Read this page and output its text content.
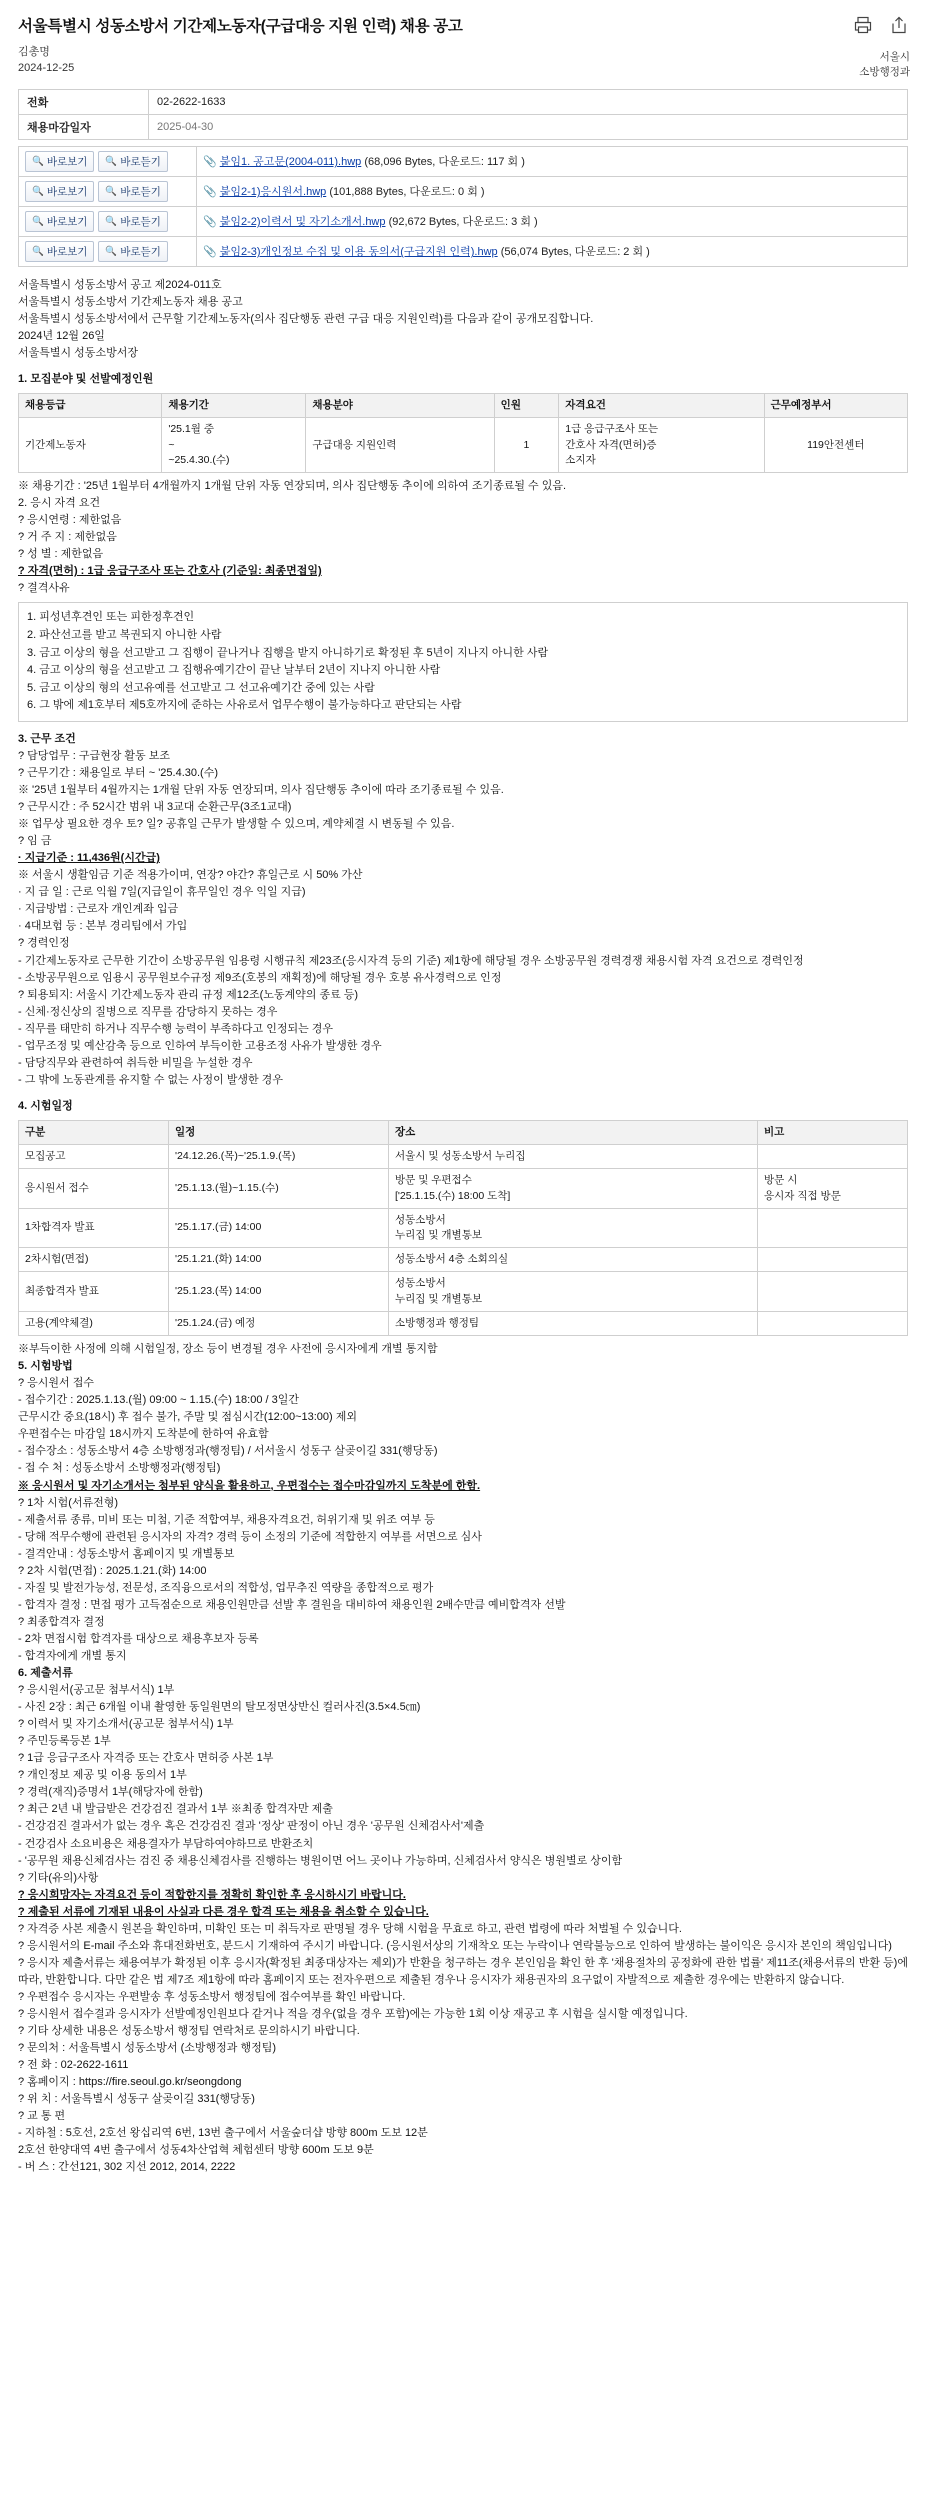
서울특별시 성동소방서 기간제노동자(구급대응 지원 인력) 채용 공고
김총명
2024-12-25
서울시
소방행정과
전화	02-2622-1633
채용마감일자	2025-04-30
🔍 바로보기 🔍 바로듣기	📎 붙임1. 공고문(2004-011).hwp (68,096 Bytes, 다운로드: 117 회 )

🔍 바로보기 🔍 바로듣기	📎 붙임2-1)응시원서.hwp (101,888 Bytes, 다운로드: 0 회 )

🔍 바로보기 🔍 바로듣기	📎 붙임2-2)이력서 및 자기소개서.hwp (92,672 Bytes, 다운로드: 3 회 )

🔍 바로보기 🔍 바로듣기	📎 붙임2-3)개인정보 수집 및 이용 동의서(구급지원 인력).hwp (56,074 Bytes, 다운로드: 2 회 )

서울특별시 성동소방서 공고 제2024-011호

서울특별시 성동소방서 기간제노동자 채용 공고

서울특별시 성동소방서에서 근무할 기간제노동자(의사 집단행동 관련 구급 대응 지원인력)를 다음과 같이 공개모집합니다.

2024년 12월 26일

서울특별시 성동소방서장

1. 모집분야 및 선발예정인원

채용등급	채용기간	채용분야	인원	자격요건	근무예정부서
기간제노동자	'25.1월 중
~
~25.4.30.(수)	구급대응 지원인력	1	1급 응급구조사 또는
간호사 자격(면허)증
소지자	119안전센터

※ 채용기간 : '25년 1월부터 4개월까지 1개월 단위 자동 연장되며, 의사 집단행동 추이에 의하여 조기종료될 수 있음.

2. 응시 자격 요건

? 응시연령 : 제한없음

? 거 주 지 : 제한없음

? 성 별 : 제한없음

? 자격(면허) : 1급 응급구조사 또는 간호사 (기준일: 최종면접일)

? 결격사유

1. 피성년후견인 또는 피한정후견인

2. 파산선고를 받고 복권되지 아니한 사람

3. 금고 이상의 형을 선고받고 그 집행이 끝나거나 집행을 받지 아니하기로 확정된 후 5년이 지나지 아니한 사람

4. 금고 이상의 형을 선고받고 그 집행유예기간이 끝난 날부터 2년이 지나지 아니한 사람

5. 금고 이상의 형의 선고유예를 선고받고 그 선고유예기간 중에 있는 사람

6. 그 밖에 제1호부터 제5호까지에 준하는 사유로서 업무수행이 불가능하다고 판단되는 사람

3. 근무 조건

? 담당업무 : 구급현장 활동 보조

? 근무기간 : 채용일로 부터 ~ '25.4.30.(수)

※ '25년 1월부터 4월까지는 1개월 단위 자동 연장되며, 의사 집단행동 추이에 따라 조기종료될 수 있음.

? 근무시간 : 주 52시간 범위 내 3교대 순환근무(3조1교대)

※ 업무상 필요한 경우 토? 일? 공휴일 근무가 발생할 수 있으며, 계약체결 시 변동될 수 있음.

? 임 금

· 지급기준 : 11,436원(시간급)

※ 서울시 생활임금 기준 적용가이며, 연장? 야간? 휴일근로 시 50% 가산

· 지 급 일 : 근로 익월 7일(지급일이 휴무일인 경우 익일 지급)

· 지급방법 : 근로자 개인계좌 입금

· 4대보험 등 : 본부 경리팀에서 가입

? 경력인정

- 기간제노동자로 근무한 기간이 소방공무원 임용령 시행규칙 제23조(응시자격 등의 기준) 제1항에 해당될 경우 소방공무원 경력경쟁 채용시험 자격 요건으로 경력인정

- 소방공무원으로 임용시 공무원보수규정 제9조(호봉의 재획정)에 해당될 경우 호봉 유사경력으로 인정

? 퇴용퇴지: 서울시 기간제노동자 관리 규정 제12조(노동계약의 종료 등)

- 신체·정신상의 질병으로 직무를 감당하지 못하는 경우

- 직무를 태만히 하거나 직무수행 능력이 부족하다고 인정되는 경우

- 업무조정 및 예산감축 등으로 인하여 부득이한 고용조정 사유가 발생한 경우

- 담당직무와 관련하여 취득한 비밀을 누설한 경우

- 그 밖에 노동관계를 유지할 수 없는 사정이 발생한 경우

4. 시험일정

구분	일정	장소	비고
모집공고	'24.12.26.(목)~'25.1.9.(목)	서울시 및 성동소방서 누리집	
응시원서 접수	'25.1.13.(월)~1.15.(수)	방문 및 우편접수
['25.1.15.(수) 18:00 도착]	방문 시
응시자 직접 방문
1차합격자 발표	'25.1.17.(금) 14:00	성동소방서
누리집 및 개별통보	
2차시험(면접)	'25.1.21.(화) 14:00	성동소방서 4층 소회의실	
최종합격자 발표	'25.1.23.(목) 14:00	성동소방서
누리집 및 개별통보	
고용(계약체결)	'25.1.24.(금) 예정	소방행정과 행정팀	

※부득이한 사정에 의해 시험일정, 장소 등이 변경될 경우 사전에 응시자에게 개별 통지함

5. 시험방법

? 응시원서 접수

- 접수기간 : 2025.1.13.(월) 09:00 ~ 1.15.(수) 18:00 / 3일간

근무시간 중요(18시) 후 접수 불가, 주말 및 점심시간(12:00~13:00) 제외

우편접수는 마감일 18시까지 도착분에 한하여 유효함

- 접수장소 : 성동소방서 4층 소방행정과(행정팀) / 서서울시 성동구 살곶이길 331(행당동)

- 접 수 처 : 성동소방서 소방행정과(행정팀)

※ 응시원서 및 자기소개서는 첨부된 양식을 활용하고, 우편접수는 접수마감일까지 도착분에 한함.

? 1차 시험(서류전형)

- 제출서류 종류, 미비 또는 미첨, 기준 적합여부, 채용자격요건, 허위기재 및 위조 여부 등

- 당해 적무수행에 관련된 응시자의 자격? 경력 등이 소정의 기준에 적합한지 여부를 서면으로 심사

- 결격안내 : 성동소방서 홈페이지 및 개별통보

? 2차 시험(면접) : 2025.1.21.(화) 14:00

- 자질 및 발전가능성, 전문성, 조직융으로서의 적합성, 업무추진 역량을 종합적으로 평가

- 합격자 결정 : 면접 평가 고득점순으로 채용인원만큼 선발 후 결원을 대비하여 채용인원 2배수만큼 예비합격자 선발

? 최종합격자 결정

- 2차 면접시험 합격자를 대상으로 채용후보자 등록

- 합격자에게 개별 통지

6. 제출서류

? 응시원서(공고문 첨부서식) 1부

- 사진 2장 : 최근 6개월 이내 촬영한 동일원면의 탈모정면상반신 컬러사진(3.5×4.5㎝)

? 이력서 및 자기소개서(공고문 첨부서식) 1부

? 주민등록등본 1부

? 1급 응급구조사 자격증 또는 간호사 면허증 사본 1부

? 개인정보 제공 및 이용 동의서 1부

? 경력(재직)증명서 1부(해당자에 한함)

? 최근 2년 내 발급받은 건강검진 결과서 1부 ※최종 합격자만 제출

- 건강검진 결과서가 없는 경우 혹은 건강검진 결과 '정상' 판정이 아닌 경우 '공무원 신체검사서'제출

- 건강검사 소요비용은 채용결자가 부담하여야하므로 반환조치

- '공무원 채용신체검사는 검진 중 채용신체검사를 진행하는 병원이면 어느 곳이나 가능하며, 신체검사서 양식은 병원별로 상이함

? 기타(유의)사항

? 응시희망자는 자격요건 등이 적합한지를 정확히 확인한 후 응시하시기 바랍니다.

? 제출된 서류에 기재된 내용이 사실과 다른 경우 합격 또는 채용을 취소할 수 있습니다.

? 자격증 사본 제출시 원본을 확인하며, 미확인 또는 미 취득자로 판명될 경우 당해 시험을 무효로 하고, 관련 법령에 따라 처벌될 수 있습니다.

? 응시원서의 E-mail 주소와 휴대전화번호, 분드시 기재하여 주시기 바랍니다. (응시원서상의 기재착오 또는 누락이나 연락불능으로 인하여 발생하는 불이익은 응시자 본인의 책임입니다)

? 응시자 제출서류는 채용여부가 확정된 이후 응시자(확정된 최종대상자는 제외)가 반환을 청구하는 경우 본인임을 확인 한 후 '채용절차의 공정화에 관한 법률' 제11조(채용서류의 반환 등)에 따라, 반환합니다. 다만 같은 법 제7조 제1항에 따라 홈페이지 또는 전자우편으로 제출된 경우나 응시자가 채용권자의 요구없이 자발적으로 제출한 경우에는 반환하지 않습니다.

? 우편접수 응시자는 우편발송 후 성동소방서 행정팀에 접수여부를 확인 바랍니다.

? 응시원서 접수결과 응시자가 선발예정인원보다 같거나 적을 경우(없을 경우 포함)에는 가능한 1회 이상 재공고 후 시험을 실시할 예정입니다.

? 기타 상세한 내용은 성동소방서 행정팀 연락처로 문의하시기 바랍니다.

? 문의처 : 서울특별시 성동소방서 (소방행정과 행정팀)

? 전 화 : 02-2622-1611

? 홈페이지 : https://fire.seoul.go.kr/seongdong

? 위 치 : 서울특별시 성동구 살곶이길 331(행당동)

? 교 통 편

- 지하철 : 5호선, 2호선 왕십리역 6번, 13번 출구에서 서울숲더샵 방향 800m 도보 12분

2호선 한양대역 4번 출구에서 성동4차산업혁 체험센터 방향 600m 도보 9분

- 버 스 : 간선121, 302 지선 2012, 2014, 2222
